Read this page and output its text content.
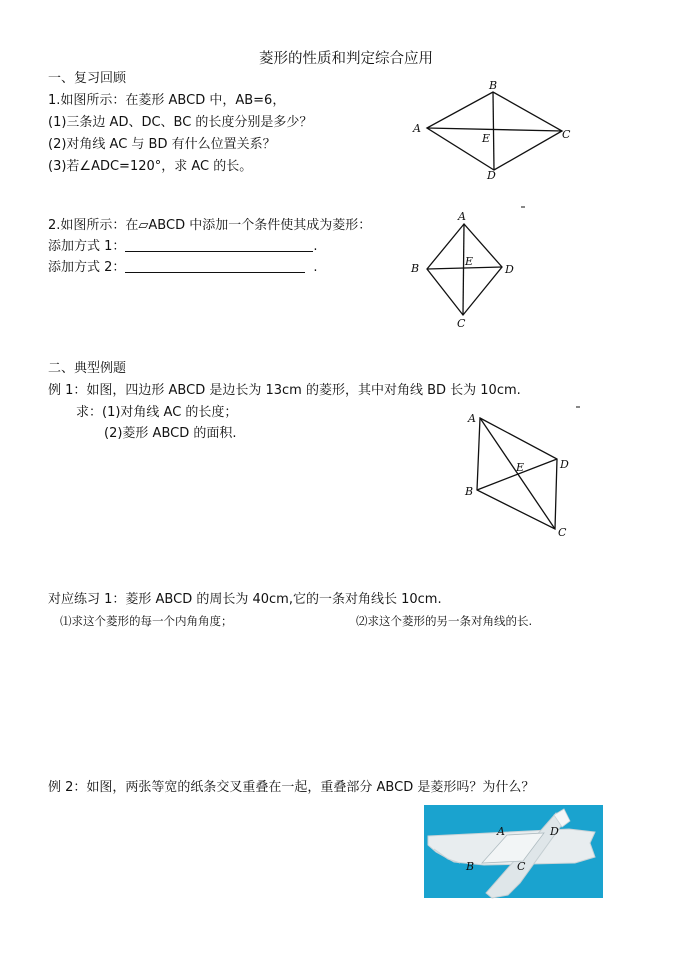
菱形的性质和判定综合应用
一、复习回顾
1.如图所示：在菱形 ABCD 中，AB=6，
(1)三条边 AD、DC、BC 的长度分别是多少？
(2)对角线 AC 与 BD 有什么位置关系？
(3)若∠ADC=120°，求 AC 的长。
B
A	C
E
D
2.如图所示：在▱ABCD 中添加一个条件使其成为菱形：
添加方式 1：	.
添加方式 2：	.
A
B
E
D
C
二、典型例题
例 1：如图，四边形 ABCD 是边长为 13cm 的菱形，其中对角线 BD 长为 10cm.
求：(1)对角线 AC 的长度；
(2)菱形 ABCD 的面积.
A
D
E
B
C
对应练习 1：菱形 ABCD 的周长为 40cm,它的一条对角线长 10cm.
⑴求这个菱形的每一个内角角度；	⑵求这个菱形的另一条对角线的长.
例 2：如图，两张等宽的纸条交叉重叠在一起，重叠部分 ABCD 是菱形吗？为什么？
A	D
B	C
